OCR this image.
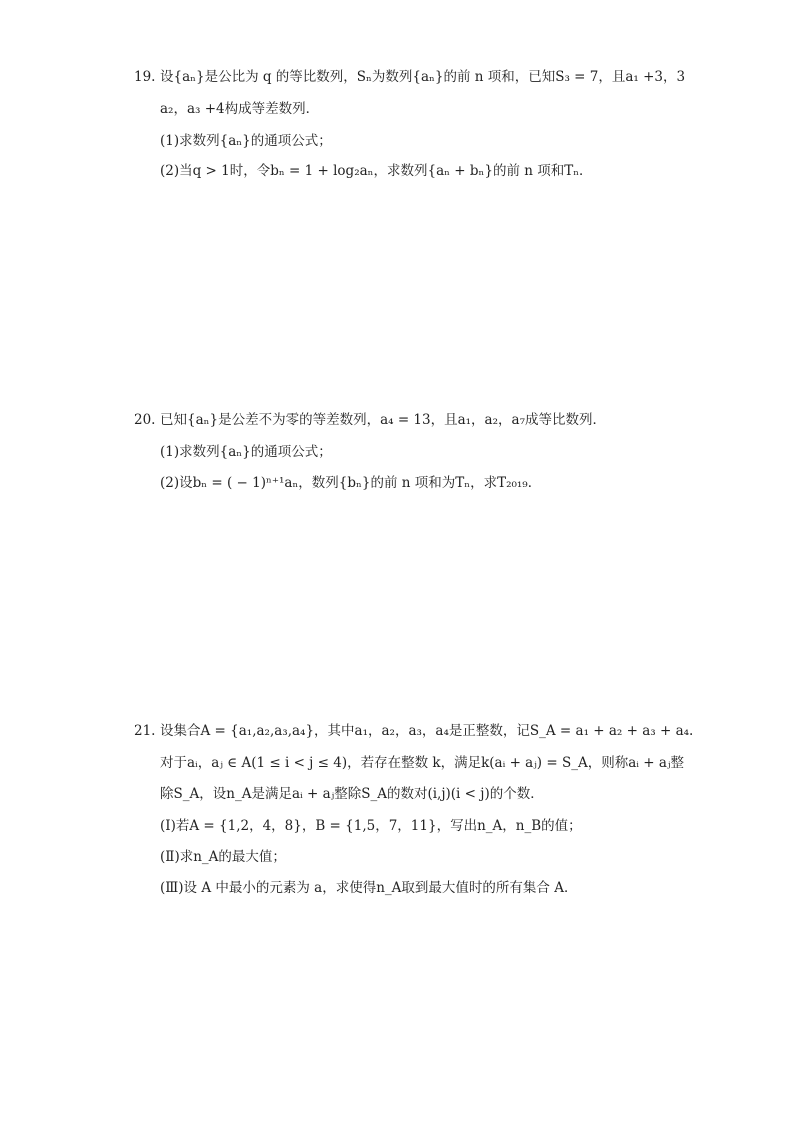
19. 设{aₙ}是公比为 q 的等比数列，Sₙ为数列{aₙ}的前 n 项和，已知S₃ = 7，且a₁ +3，3
a₂，a₃ +4构成等差数列．
(1)求数列{aₙ}的通项公式；
(2)当q > 1时，令bₙ = 1 + log₂aₙ，求数列{aₙ + bₙ}的前 n 项和Tₙ．
20. 已知{aₙ}是公差不为零的等差数列，a₄ = 13，且a₁，a₂，a₇成等比数列．
(1)求数列{aₙ}的通项公式；
(2)设bₙ = ( − 1)ⁿ⁺¹aₙ，数列{bₙ}的前 n 项和为Tₙ，求T₂₀₁₉．
21. 设集合A = {a₁,a₂,a₃,a₄}，其中a₁，a₂，a₃，a₄是正整数，记S_A = a₁ + a₂ + a₃ + a₄.
对于aᵢ，aⱼ ∈ A(1 ≤ i < j ≤ 4)，若存在整数 k，满足k(aᵢ + aⱼ) = S_A，则称aᵢ + aⱼ整
除S_A，设n_A是满足aᵢ + aⱼ整除S_A的数对(i,j)(i < j)的个数．
(Ⅰ)若A = {1,2，4，8}，B = {1,5，7，11}，写出n_A，n_B的值；
(Ⅱ)求n_A的最大值；
(Ⅲ)设 A 中最小的元素为 a，求使得n_A取到最大值时的所有集合 A．
